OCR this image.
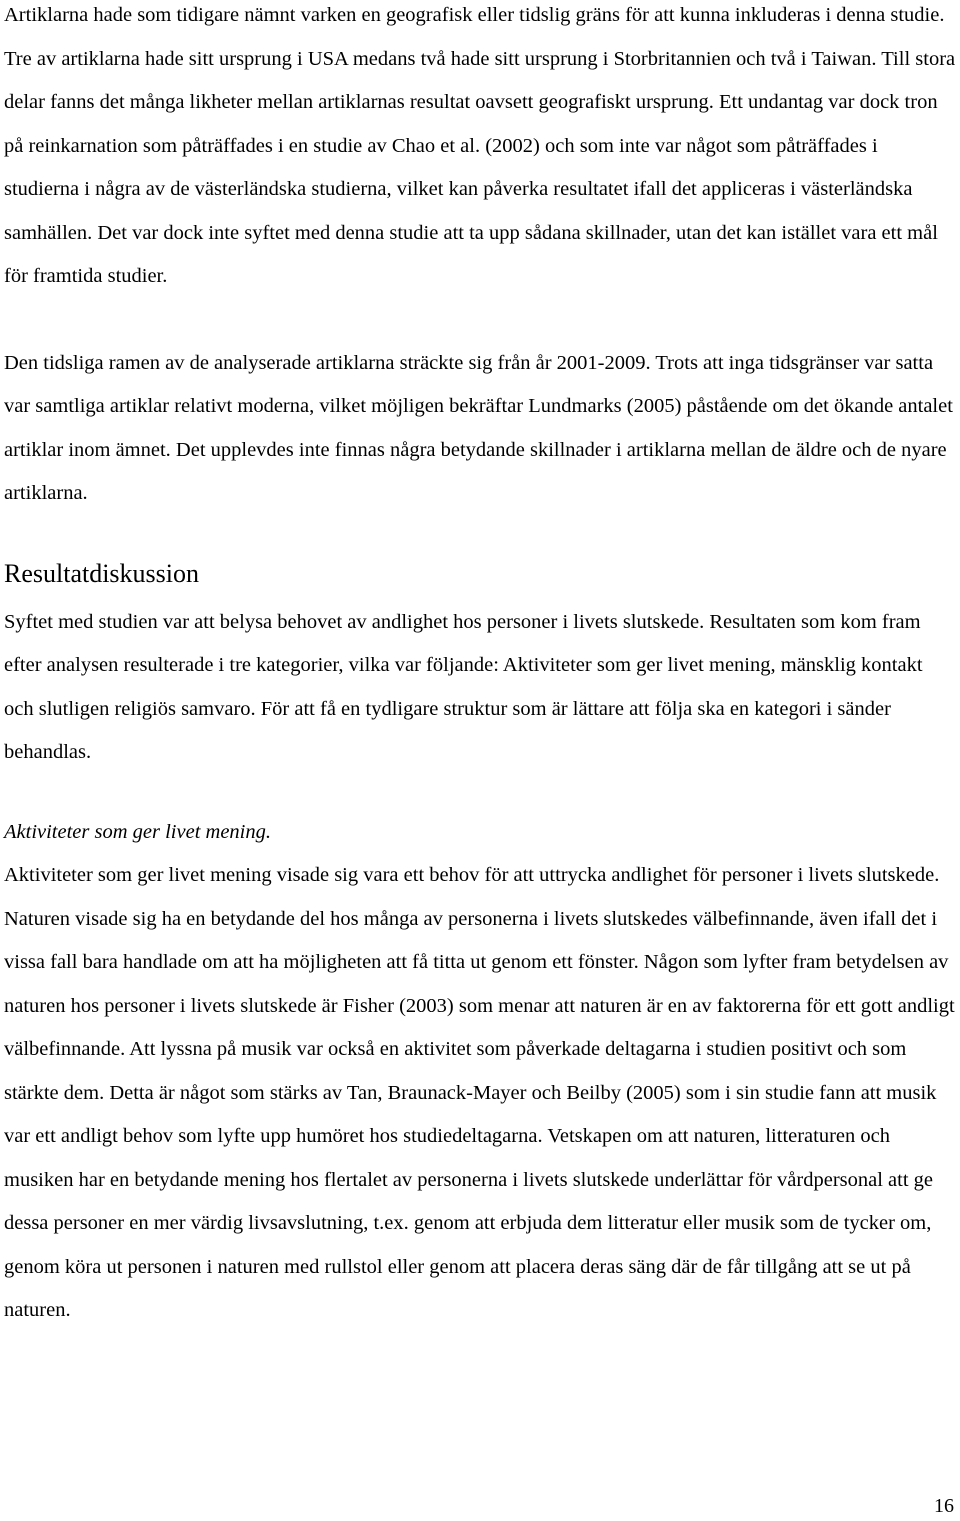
Artiklarna hade som tidigare nämnt varken en geografisk eller tidslig gräns för att kunna inkluderas i denna studie. Tre av artiklarna hade sitt ursprung i USA medans två hade sitt ursprung i Storbritannien och två i Taiwan. Till stora delar fanns det många likheter mellan artiklarnas resultat oavsett geografiskt ursprung. Ett undantag var dock tron på reinkarnation som påträffades i en studie av Chao et al. (2002) och som inte var något som påträffades i studierna i några av de västerländska studierna, vilket kan påverka resultatet ifall det appliceras i västerländska samhällen. Det var dock inte syftet med denna studie att ta upp sådana skillnader, utan det kan istället vara ett mål för framtida studier.

Den tidsliga ramen av de analyserade artiklarna sträckte sig från år 2001-2009. Trots att inga tidsgränser var satta var samtliga artiklar relativt moderna, vilket möjligen bekräftar Lundmarks (2005) påstående om det ökande antalet artiklar inom ämnet. Det upplevdes inte finnas några betydande skillnader i artiklarna mellan de äldre och de nyare artiklarna.

Resultatdiskussion

Syftet med studien var att belysa behovet av andlighet hos personer i livets slutskede. Resultaten som kom fram efter analysen resulterade i tre kategorier, vilka var följande: Aktiviteter som ger livet mening, mänsklig kontakt och slutligen religiös samvaro. För att få en tydligare struktur som är lättare att följa ska en kategori i sänder behandlas.

Aktiviteter som ger livet mening.

Aktiviteter som ger livet mening visade sig vara ett behov för att uttrycka andlighet för personer i livets slutskede. Naturen visade sig ha en betydande del hos många av personerna i livets slutskedes välbefinnande, även ifall det i vissa fall bara handlade om att ha möjligheten att få titta ut genom ett fönster. Någon som lyfter fram betydelsen av naturen hos personer i livets slutskede är Fisher (2003) som menar att naturen är en av faktorerna för ett gott andligt välbefinnande. Att lyssna på musik var också en aktivitet som påverkade deltagarna i studien positivt och som stärkte dem. Detta är något som stärks av Tan, Braunack-Mayer och Beilby (2005) som i sin studie fann att musik var ett andligt behov som lyfte upp humöret hos studiedeltagarna. Vetskapen om att naturen, litteraturen och musiken har en betydande mening hos flertalet av personerna i livets slutskede underlättar för vårdpersonal att ge dessa personer en mer värdig livsavslutning, t.ex. genom att erbjuda dem litteratur eller musik som de tycker om, genom köra ut personen i naturen med rullstol eller genom att placera deras säng där de får tillgång att se ut på naturen.

16
